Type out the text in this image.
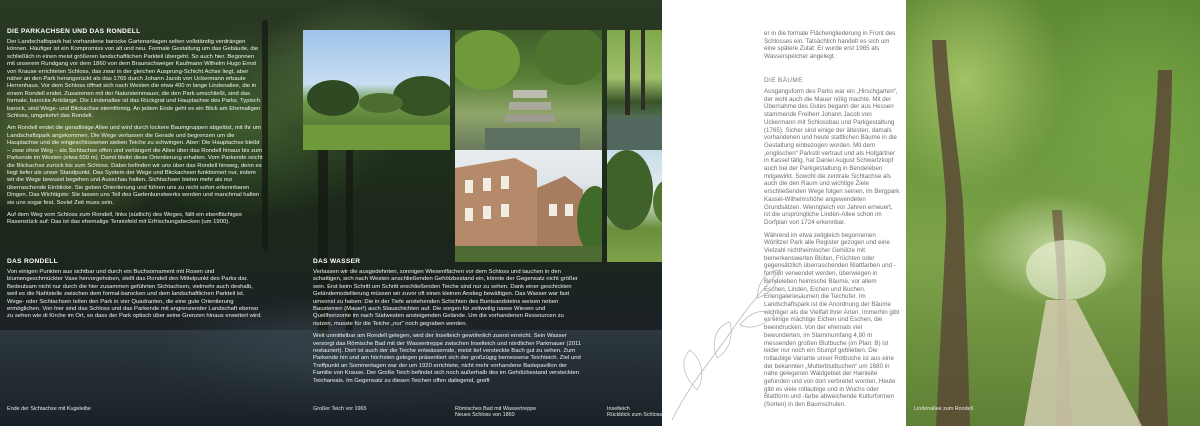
DIE PARKACHSEN UND DAS RONDELL

Der Landschaftspark hat vorhandene barocke Gartenanlagen selten vollständig verdrängen können. Häufiger ist ein Kompromiss von alt und neu. Formale Gestaltung um das Gebäude, die schließlich in einen meist größeren landschaftlichen Parkteil übergeht. So auch hier. Begonnen mit unserem Rundgang vor dem 1860 von dem Braunschweiger Kaufmann Wilhelm Hugo Ernst von Krause errichteten Schloss, das zwar in der gleichen Ausprung-Schicht Achse liegt, aber näher an den Park herangerückt als das 1765 durch Johann Jacob von Uckermann erbaute Herrenhaus. Vor dem Schloss öffnet sich nach Westen die etwa 400 m lange Lindenallee, die in einem Rondell endet. Zusammen mit der Natursteinmauer, die den Park umschließt, sind das formale, barocke Anklänge. Die Lindenallee ist das Rückgrat und Hauptachse des Parks. Typisch barock, sind Wege- und Blickachse sternförmig. An jedem Ende geht es ein Blick am Ehemaligen Schloss, umgekehrt das Rondell.

Am Rondell endet die geradlinige Allee und wird durch lockere Baumgruppen abgelöst, mit ihr um Landschaftspark angekommen. Die Wege verlassen die Gerade und begrenzen um die Hauptachse und die eingeschlossenen sieben Teiche zu schwingen. Aber: Die Hauptachse bleibt – zwar ohne Weg – als Sichtachse offen und verlängert die Allee über das Rondell hinaus bis zum Parkende im Westen (etwa 600 m). Damit bleibt diese Orientierung erhalten. Vom Parkende reicht die Blickachse zurück bis zum Schloss. Dabei befinden wir uns über das Rondell hinweg, denn es liegt tiefer als unser Standpunkt. Das System der Wege und Blickachsen funktioniert nur, indem wir die Wege bewusst begehen und Ausschau halten. Sichtachsen bieten mehr als nur überraschende Einblicke. Sie geben Orientierung und führen uns zu nicht sofort erkennbaren Dingen. Das Wichtigste: Sie lassen uns Teil des Gartenkunstwerks werden und manchmal halten sie uns sogar fest. Soviel Zeit muss sein.

Auf dem Weg vom Schloss zum Rondell, links (südlich) des Weges, fällt ein ebenflächiges Rasenstück auf: Das ist das ehemalige Tennisfeld mit Erfrischungsbecken (um 1900).

DAS RONDELL

Von einigen Punkten aus sichtbar und durch ein Buchsornament mit Rosen und blumengeschmückter Vase hervorgehoben, stellt das Rondell den Mittelpunkt des Parks dar. Bedeutsam nicht nur durch die hier zusammen geführten Sichtachsen, vielmehr auch deshalb, weil es die Nahtstelle zwischen dem formal-barocken und dem landschaftlichen Parkteil ist. Wege- oder Sichtachsen teilen den Park in vier Quadranten, die eine gute Orientierung ermöglichen. Von hier sind das Schloss und das Parkende mit angrenzender Landschaft ebenso zu sehen wie di Kirche im Ort, so dass der Park optisch über seine Grenzen hinaus erweitert wird.

DAS WASSER

Verlassen wir die ausgedehnten, sonnigen Wiesenflächen vor dem Schloss und tauchen in den schattigen, sich nach Westen anschließenden Gehölzbestand ein, könnte der Gegensatz nicht größer sein. Erst beim Schritt um Schritt erschließenden Teiche sind nur zu sehen. Dank einer geschickten Geländemodellierung müssen wir zuvor oft einen kleinen Anstieg bewältigen. Das Wasser war fast umsonst zu haben: Die in der Tiefe anstehenden Schichten des Buntsandsteins weisen neben Bausteinen (Mauer!) auch Stauschichten auf. Die sorgen für zeitweilig nasse Wiesen und Quellhorizonte im nach Südwesten ansteigenden Gelände. Um die vorhandenen Ressourcen zu nutzen, musste für die Teiche „nur“ noch gegraben werden.

Weit unmittelbar am Rondell gelegen, wird der Inselteich gewöhnlich zuerst erreicht. Sein Wasser versorgt das Römische Bad mit der Wassertreppe zwischen Inselteich und nördlicher Parkmauer (2011 restauriert). Dort ist auch der die Teiche entwässernde, meist tief versteckte Bach gut zu sehen. Zum Parkende hin und am höchsten gelegen präsentiert sich der großzügig bemessene Teichteich. Ziel und Treffpunkt an Sommertagen war der um 1920 errichtete, nicht mehr vorhandene Badepavillon der Familie von Krause. Der Große Teich befindet sich noch außerhalb des im Gehölzbestand versteckten Teichareals. Im Gegensatz zu diesen Teichen offen daliegend, greift

Ende der Sichtachse mit Kugeleibe	Großer Teich vor 1965	Römisches Bad mit Wassertreppe
Neues Schloss von 1860
Inselteich
Rückblick zum Schloss

er in die formale Flächengliederung in Front des Schlosses ein. Tatsächlich handelt es sich um eine spätere Zutat: Er wurde erst 1965 als Wasserspeicher angelegt.

DIE BÄUME

Ausgangsform des Parks war ein „Hirschgarten“, der wohl auch die Mauer nötig machte. Mit der Übernahme des Gutes begann der aus Hessen stammende Freiherr Johann Jacob von Uckermann mit Schlossbau und Parkgestaltung (1765). Sicher sind einige der ältesten, damals vorhandenen und heute stattlichen Bäume in die Gestaltung einbezogen worden. Mit dem „englischen“ Parkstil vertraut und als Hofgärtner in Kassel tätig, hat Daniel August Schwartzkopf auch bei der Parkgestaltung in Bendeleben mitgewirkt. Sowohl die zentrale Sichtachse als auch die den Raum und wichtige Ziele erschließenden Wege folgen seinen, im Bergpark Kassel-Wilhelmshöhe angewendeten Grundsätzen. Wenngleich vor Jahren erneuert, ist die ursprüngliche Linden-Allee schon im Dorfplan von 1724 erkennbar.

Während im etwa zeitgleich begonnenen Wörlitzer Park alle Register gezogen und eine Vielzahl nichtheimischer Gehölze mit bemerkenswerten Blüten, Früchten oder gegensätzlich überraschenden Blattfarben und -formen verwendet werden, überwiegen in Bendeleben heimische Bäume, vor allem Eschen, Linden, Eichen und Buchen. Erlengaleriesäumen die Teichufer. Im Landschaftspark ist die Anordnung der Bäume wichtiger als die Vielfalt ihrer Arten. Immerhin gibt es einige mächtige Eichen und Eschen, die beeindrucken. Von der ehemals viel bewunderten, im Stammumfang 4,80 m messenden großen Blutbuche (im Plan: B) ist leider nur noch ein Stumpf geblieben. Die rotlaubige Variante unser Rotbuche ist aus eine der bekannten „Mutterblutbuchen“ um 1680 in nahe gelegenen Waldgebiet der Hainleite gefunden und von dort verbreitet worden. Heute gibt es viele rotlaubige und in Wuchs oder Blattform und -farbe abweichende Kulturformen (Sorten) in den Baumschulen.

Lindenallee zum Rondell
